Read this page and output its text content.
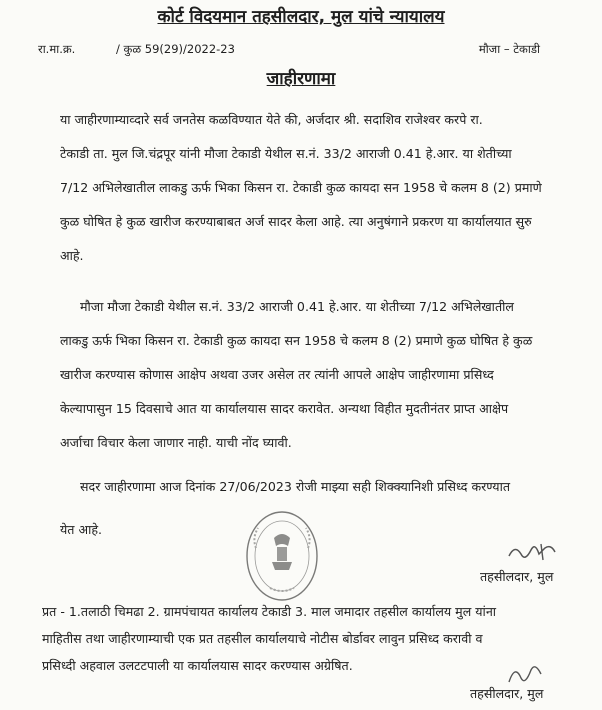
कोर्ट विदयमान तहसीलदार, मुल यांचे न्यायालय
रा.मा.क्र.	/ कुळ 59(29)/2022-23	मौजा – टेकाडी
जाहीरणामा
या जाहीरणाम्याव्दारे सर्व जनतेस कळविण्यात येते की, अर्जदार श्री. सदाशिव राजेश्वर करपे रा.
टेकाडी ता. मुल जि.चंद्रपूर यांनी मौजा टेकाडी येथील स.नं. 33/2 आराजी 0.41 हे.आर. या शेतीच्या
7/12 अभिलेखातील लाकडु ऊर्फ भिका किसन रा. टेकाडी कुळ कायदा सन 1958 चे कलम 8 (2) प्रमाणे
कुळ घोषित हे कुळ खारीज करण्याबाबत अर्ज सादर केला आहे. त्या अनुषंगाने प्रकरण या कार्यालयात सुरु
आहे.
मौजा मौजा टेकाडी येथील स.नं. 33/2 आराजी 0.41 हे.आर. या शेतीच्या 7/12 अभिलेखातील
लाकडु ऊर्फ भिका किसन रा. टेकाडी कुळ कायदा सन 1958 चे कलम 8 (2) प्रमाणे कुळ घोषित हे कुळ
खारीज करण्यास कोणास आक्षेप अथवा उजर असेल तर त्यांनी आपले आक्षेप जाहीरणामा प्रसिध्द
केल्यापासुन 15 दिवसाचे आत या कार्यालयास सादर करावेत. अन्यथा विहीत मुदतीनंतर प्राप्त आक्षेप
अर्जाचा विचार केला जाणार नाही. याची नोंद घ्यावी.
सदर जाहीरणामा आज दिनांक 27/06/2023 रोजी माझ्या सही शिक्क्यानिशी प्रसिध्द करण्यात
येत आहे.
तहसीलदार, मुल
प्रत - 1.तलाठी चिमढा 2. ग्रामपंचायत कार्यालय टेकाडी 3. माल जमादार तहसील कार्यालय मुल यांना
माहितीस तथा जाहीरणाम्याची एक प्रत तहसील कार्यालयाचे नोटीस बोर्डावर लावुन प्रसिध्द करावी व
प्रसिध्दी अहवाल उलटटपाली या कार्यालयास सादर करण्यास अग्रेषित.
तहसीलदार, मुल
